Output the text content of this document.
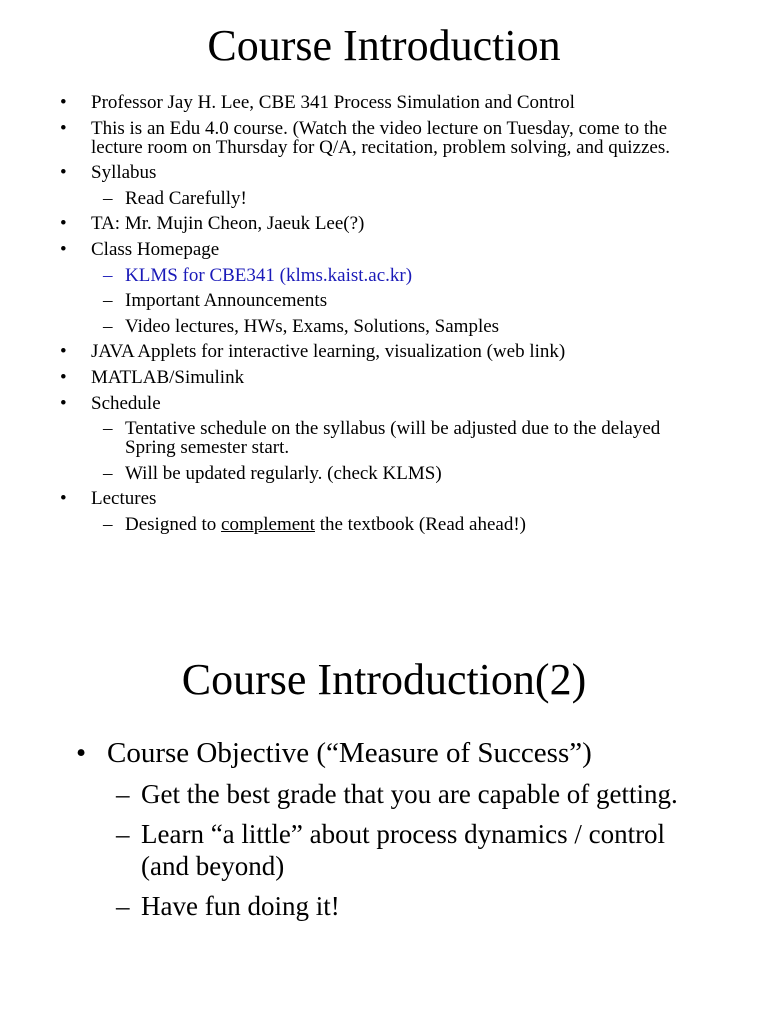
Course Introduction
• Professor Jay H. Lee, CBE 341 Process Simulation and Control
• This is an Edu 4.0 course. (Watch the video lecture on Tuesday, come to the lecture room on Thursday for Q/A, recitation, problem solving, and quizzes.
• Syllabus
– Read Carefully!
• TA: Mr. Mujin Cheon, Jaeuk Lee(?)
• Class Homepage
– KLMS for CBE341 (klms.kaist.ac.kr)
– Important Announcements
– Video lectures, HWs, Exams, Solutions, Samples
• JAVA Applets for interactive learning, visualization (web link)
• MATLAB/Simulink
• Schedule
– Tentative schedule on the syllabus (will be adjusted due to the delayed Spring semester start.
– Will be updated regularly. (check KLMS)
• Lectures
– Designed to complement the textbook (Read ahead!)
Course Introduction(2)
• Course Objective (“Measure of Success”)
– Get the best grade that you are capable of getting.
– Learn “a little” about process dynamics / control (and beyond)
– Have fun doing it!
